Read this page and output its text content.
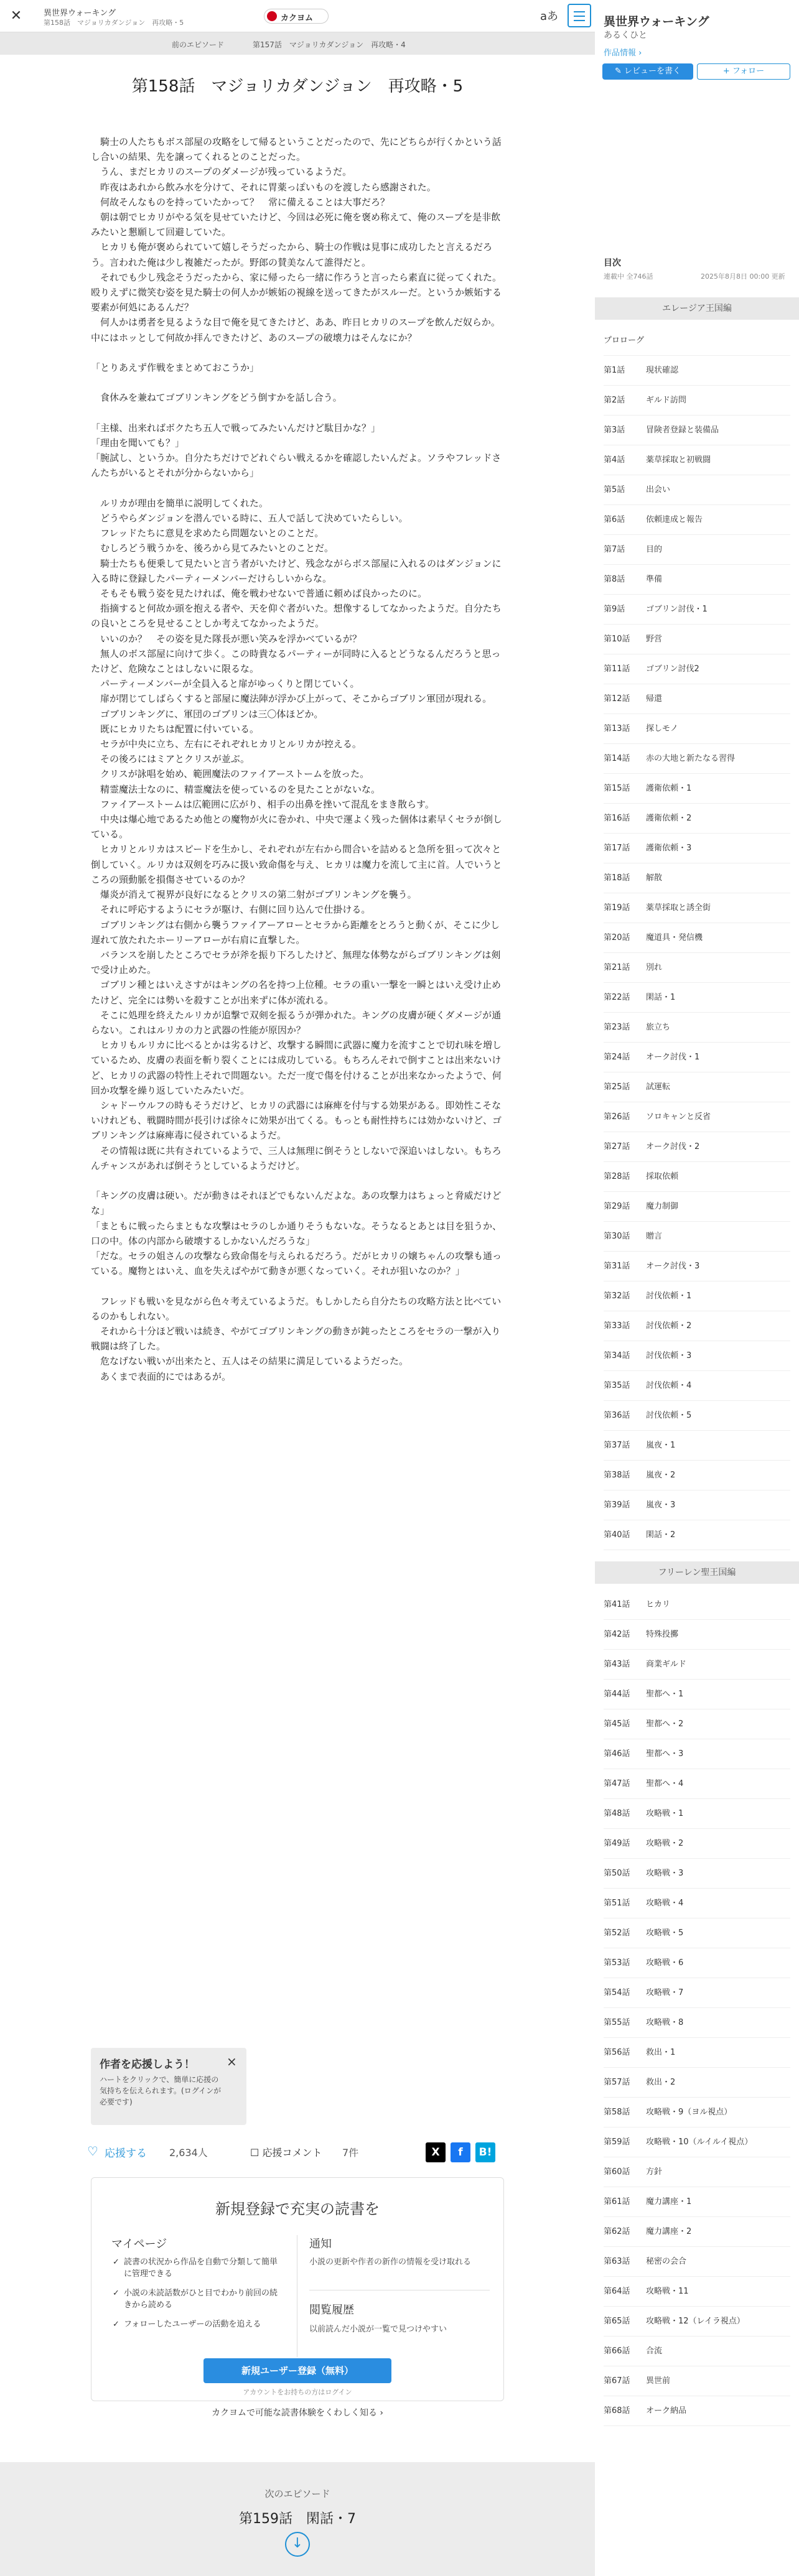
✕	異世界ウォーキング
第158話　マジョリカダンジョン　再攻略・5	カクヨム	aあ
前のエピソード	第157話　マジョリカダンジョン　再攻略・4
第158話　マジョリカダンジョン　再攻略・5

　騎士の人たちもボス部屋の攻略をして帰るということだったので、先にどちらが行くかという話し合いの結果、先を譲ってくれるとのことだった。

　うん、まだヒカリのスープのダメージが残っているようだ。

　昨夜はあれから飲み水を分けて、それに胃薬っぽいものを渡したら感謝された。

　何故そんなものを持っていたかって？　常に備えることは大事だろ？

　朝は朝でヒカリがやる気を見せていたけど、今回は必死に俺を褒め称えて、俺のスープを是非飲みたいと懇願して回避していた。

　ヒカリも俺が褒められていて嬉しそうだったから、騎士の作戦は見事に成功したと言えるだろう。言われた俺は少し複雑だったが。野郎の賛美なんて誰得だと。

　それでも少し残念そうだったから、家に帰ったら一緒に作ろうと言ったら素直に従ってくれた。殴りえずに微笑む姿を見た騎士の何人かが嫉妬の視線を送ってきたがスルーだ。というか嫉妬する要素が何処にあるんだ？

　何人かは勇者を見るような目で俺を見てきたけど、ああ、昨日ヒカリのスープを飲んだ奴らか。中にはホッとして何故か拝んできたけど、あのスープの破壊力はそんなにか？

「とりあえず作戦をまとめておこうか」

　食休みを兼ねてゴブリンキングをどう倒すかを話し合う。

「主様、出来ればボクたち五人で戦ってみたいんだけど駄目かな？」

「理由を聞いても？」

「腕試し、というか。自分たちだけでどれぐらい戦えるかを確認したいんだよ。ソラやフレッドさんたちがいるとそれが分からないから」

　ルリカが理由を簡単に説明してくれた。

　どうやらダンジョンを潜んでいる時に、五人で話して決めていたらしい。

　フレッドたちに意見を求めたら問題ないとのことだ。

　むしろどう戦うかを、後ろから見てみたいとのことだ。

　騎士たちも便乗して見たいと言う者がいたけど、残念ながらボス部屋に入れるのはダンジョンに入る時に登録したパーティーメンバーだけらしいからな。

　そもそも戦う姿を見たければ、俺を戦わせないで普通に頼めば良かったのに。

　指摘すると何故か頭を抱える者や、天を仰ぐ者がいた。想像するしてなかったようだ。自分たちの良いところを見せることしか考えてなかったようだ。

　いいのか？　その姿を見た隊長が悪い笑みを浮かべているが？

　無人のボス部屋に向けて歩く。この時貴なるパーティーが同時に入るとどうなるんだろうと思ったけど、危険なことはしないに限るな。

　パーティーメンバーが全員入ると扉がゆっくりと閉じていく。

　扉が閉じてしばらくすると部屋に魔法陣が浮かび上がって、そこからゴブリン軍団が現れる。

　ゴブリンキングに、軍団のゴブリンは三〇体ほどか。

　既にヒカリたちは配置に付いている。

　セラが中央に立ち、左右にそれぞれヒカリとルリカが控える。

　その後ろにはミアとクリスが並ぶ。

　クリスが詠唱を始め、範囲魔法のファイアーストームを放った。

　精霊魔法士なのに、精霊魔法を使っているのを見たことがないな。

　ファイアーストームは広範囲に広がり、相手の出鼻を挫いて混乱をまき散らす。

　中央は爆心地であるため他との魔物が火に巻かれ、中央で運よく残った個体は素早くセラが倒している。

　ヒカリとルリカはスピードを生かし、それぞれが左右から間合いを詰めると急所を狙って次々と倒していく。ルリカは双剣を巧みに扱い致命傷を与え、ヒカリは魔力を流して主に首。人でいうところの頸動脈を損傷させているのか？

　爆炎が消えて視界が良好になるとクリスの第二射がゴブリンキングを襲う。

　それに呼応するようにセラが駆け、右側に回り込んで仕掛ける。

　ゴブリンキングは右側から襲うファイアーアローとセラから距離をとろうと動くが、そこに少し遅れて放たれたホーリーアローが右肩に直撃した。

　バランスを崩したところでセラが斧を振り下ろしたけど、無理な体勢ながらゴブリンキングは剣で受け止めた。

　ゴブリン種とはいえさすがはキングの名を持つ上位種。セラの重い一撃を一瞬とはいえ受け止めたけど、完全には勢いを殺すことが出来ずに体が流れる。

　そこに処理を終えたルリカが追撃で双剣を振るうが弾かれた。キングの皮膚が硬くダメージが通らない。これはルリカの力と武器の性能が原因か？

　ヒカリもルリカに比べるとかは劣るけど、攻撃する瞬間に武器に魔力を流すことで切れ味を増しているため、皮膚の表面を斬り裂くことには成功している。もちろんそれで倒すことは出来ないけど、ヒカリの武器の特性上それで問題ない。ただ一度で傷を付けることが出来なかったようで、何回か攻撃を繰り返していたみたいだ。

　シャドーウルフの時もそうだけど、ヒカリの武器には麻痺を付与する効果がある。即効性こそないけれども、戦闘時間が長引けば徐々に効果が出てくる。もっとも耐性持ちには効かないけど、ゴブリンキングは麻痺毒に侵されているようだ。

　その情報は既に共有されているようで、三人は無理に倒そうとしないで深追いはしない。もちろんチャンスがあれば倒そうとしているようだけど。

「キングの皮膚は硬い。だが動きはそれほどでもないんだよな。あの攻撃力はちょっと脅威だけどな」

「まともに戦ったらまともな攻撃はセラのしか通りそうもないな。そうなるとあとは目を狙うか、口の中。体の内部から破壊するしかないんだろうな」

「だな。セラの姐さんの攻撃なら致命傷を与えられるだろう。だがヒカリの嬢ちゃんの攻撃も通っている。魔物とはいえ、血を失えばやがて動きが悪くなっていく。それが狙いなのか？」

　フレッドも戦いを見ながら色々考えているようだ。もしかしたら自分たちの攻略方法と比べているのかもしれない。

　それから十分ほど戦いは続き、やがてゴブリンキングの動きが鈍ったところをセラの一撃が入り戦闘は終了した。

　危なげない戦いが出来たと、五人はその結果に満足しているようだった。

　あくまで表面的にではあるが。

作者を応援しよう！	×
ハートをクリックで、簡単に応援の気持ちを伝えられます。(ログインが必要です)
♡ 応援する 2,634人	☐ 応援コメント 7件	X	f	B!
新規登録で充実の読書を
マイページ
✓ 読書の状況から作品を自動で分類して簡単に管理できる
✓ 小説の未読話数がひと目でわかり前回の続きから読める
✓ フォローしたユーザーの活動を追える
通知
小説の更新や作者の新作の情報を受け取れる
閲覧履歴
以前読んだ小説が一覧で見つけやすい
新規ユーザー登録（無料）
アカウントをお持ちの方はログイン
カクヨムで可能な読書体験をくわしく知る ›
次のエピソード
第159話　閑話・7
↓
異世界ウォーキング
あるくひと
作品情報 ›
✎ レビューを書く	+ フォロー
目次
連載中 全746話	2025年8月8日 00:00 更新
エレージア王国編
プロローグ
第1話	現状確認
第2話	ギルド訪問
第3話	冒険者登録と装備品
第4話	薬草採取と初戦闘
第5話	出会い
第6話	依頼達成と報告
第7話	目的
第8話	準備
第9話	ゴブリン討伐・1
第10話 野営
第11話 ゴブリン討伐2
第12話 帰還
第13話 探しモノ
第14話 赤の大地と新たなる習得
第15話 護衛依頼・1
第16話 護衛依頼・2
第17話 護衛依頼・3
第18話 解散
第19話 薬草採取と誘全街
第20話 魔道具・発信機
第21話 別れ
第22話 閑話・1
第23話 旅立ち
第24話 オーク討伐・1
第25話 試運転
第26話 ソロキャンと反省
第27話 オーク討伐・2
第28話 採取依頼
第29話 魔力制御
第30話 贈言
第31話 オーク討伐・3
第32話 討伐依頼・1
第33話 討伐依頼・2
第34話 討伐依頼・3
第35話 討伐依頼・4
第36話 討伐依頼・5
第37話 嵐夜・1
第38話 嵐夜・2
第39話 嵐夜・3
第40話 閑話・2
フリーレン聖王国編
第41話 ヒカリ
第42話 特殊投擲
第43話 商業ギルド
第44話 聖都へ・1
第45話 聖都へ・2
第46話 聖都へ・3
第47話 聖都へ・4
第48話 攻略戦・1
第49話 攻略戦・2
第50話 攻略戦・3
第51話 攻略戦・4
第52話 攻略戦・5
第53話 攻略戦・6
第54話 攻略戦・7
第55話 攻略戦・8
第56話 救出・1
第57話 救出・2
第58話 攻略戦・9（ヨル視点）
第59話 攻略戦・10（ルイルイ視点）
第60話 方針
第61話 魔力講座・1
第62話 魔力講座・2
第63話 秘密の会合
第64話 攻略戦・11
第65話 攻略戦・12（レイラ視点）
第66話 合流
第67話 異世前
第68話 オーク納品
